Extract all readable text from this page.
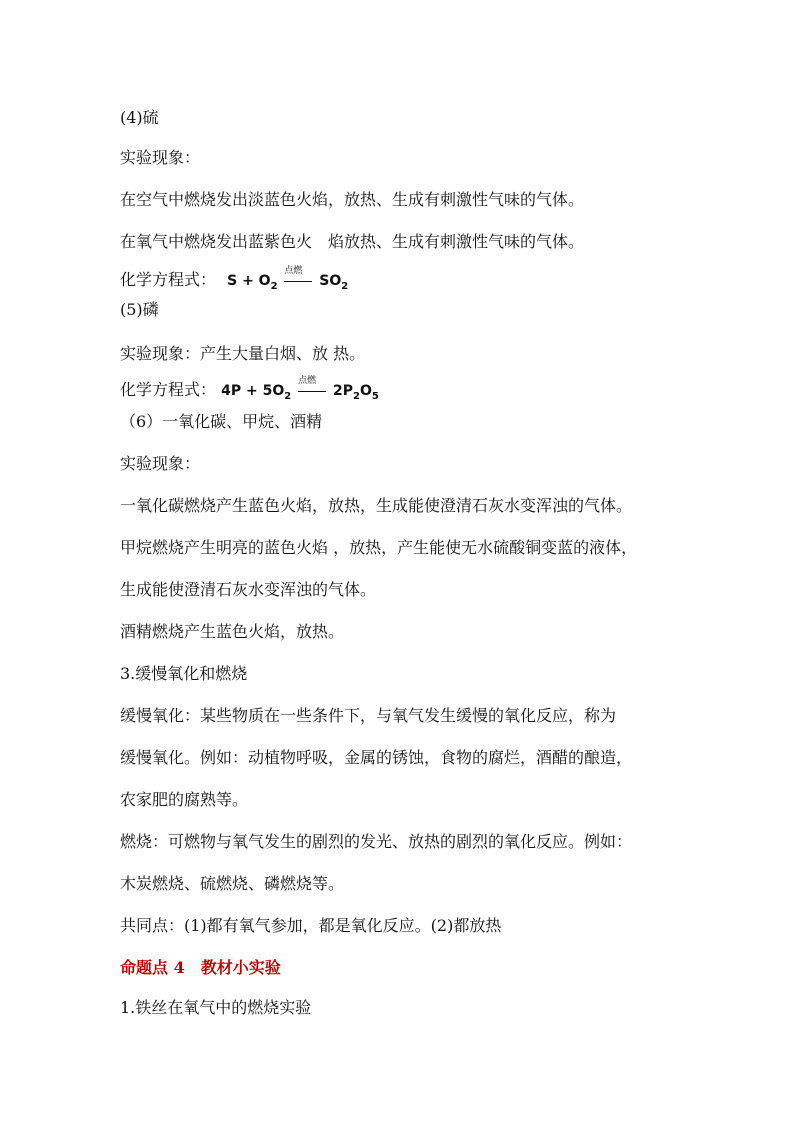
(4)硫
实验现象：
在空气中燃烧发出淡蓝色火焰，放热、生成有刺激性气味的气体。
在氧气中燃烧发出蓝紫色火　焰放热、生成有刺激性气味的气体。
化学方程式： $S + O_2$
点燃
$SO_2$
(5)磷
实验现象：产生大量白烟、放 热。
化学方程式： $4P + 5O_2$
点燃
$2P_2O_5$
（6）一氧化碳、甲烷、酒精
实验现象：
一氧化碳燃烧产生蓝色火焰，放热，生成能使澄清石灰水变浑浊的气体。
甲烷燃烧产生明亮的蓝色火焰 ，放热，产生能使无水硫酸铜变蓝的液体，
生成能使澄清石灰水变浑浊的气体。
酒精燃烧产生蓝色火焰，放热。
3.缓慢氧化和燃烧
缓慢氧化：某些物质在一些条件下，与氧气发生缓慢的氧化反应，称为
缓慢氧化。例如：动植物呼吸，金属的锈蚀，食物的腐烂，酒醋的酿造，
农家肥的腐熟等。
燃烧：可燃物与氧气发生的剧烈的发光、放热的剧烈的氧化反应。例如：
木炭燃烧、硫燃烧、磷燃烧等。
共同点：(1)都有氧气参加，都是氧化反应。(2)都放热
命题点 4　教材小实验
1.铁丝在氧气中的燃烧实验
